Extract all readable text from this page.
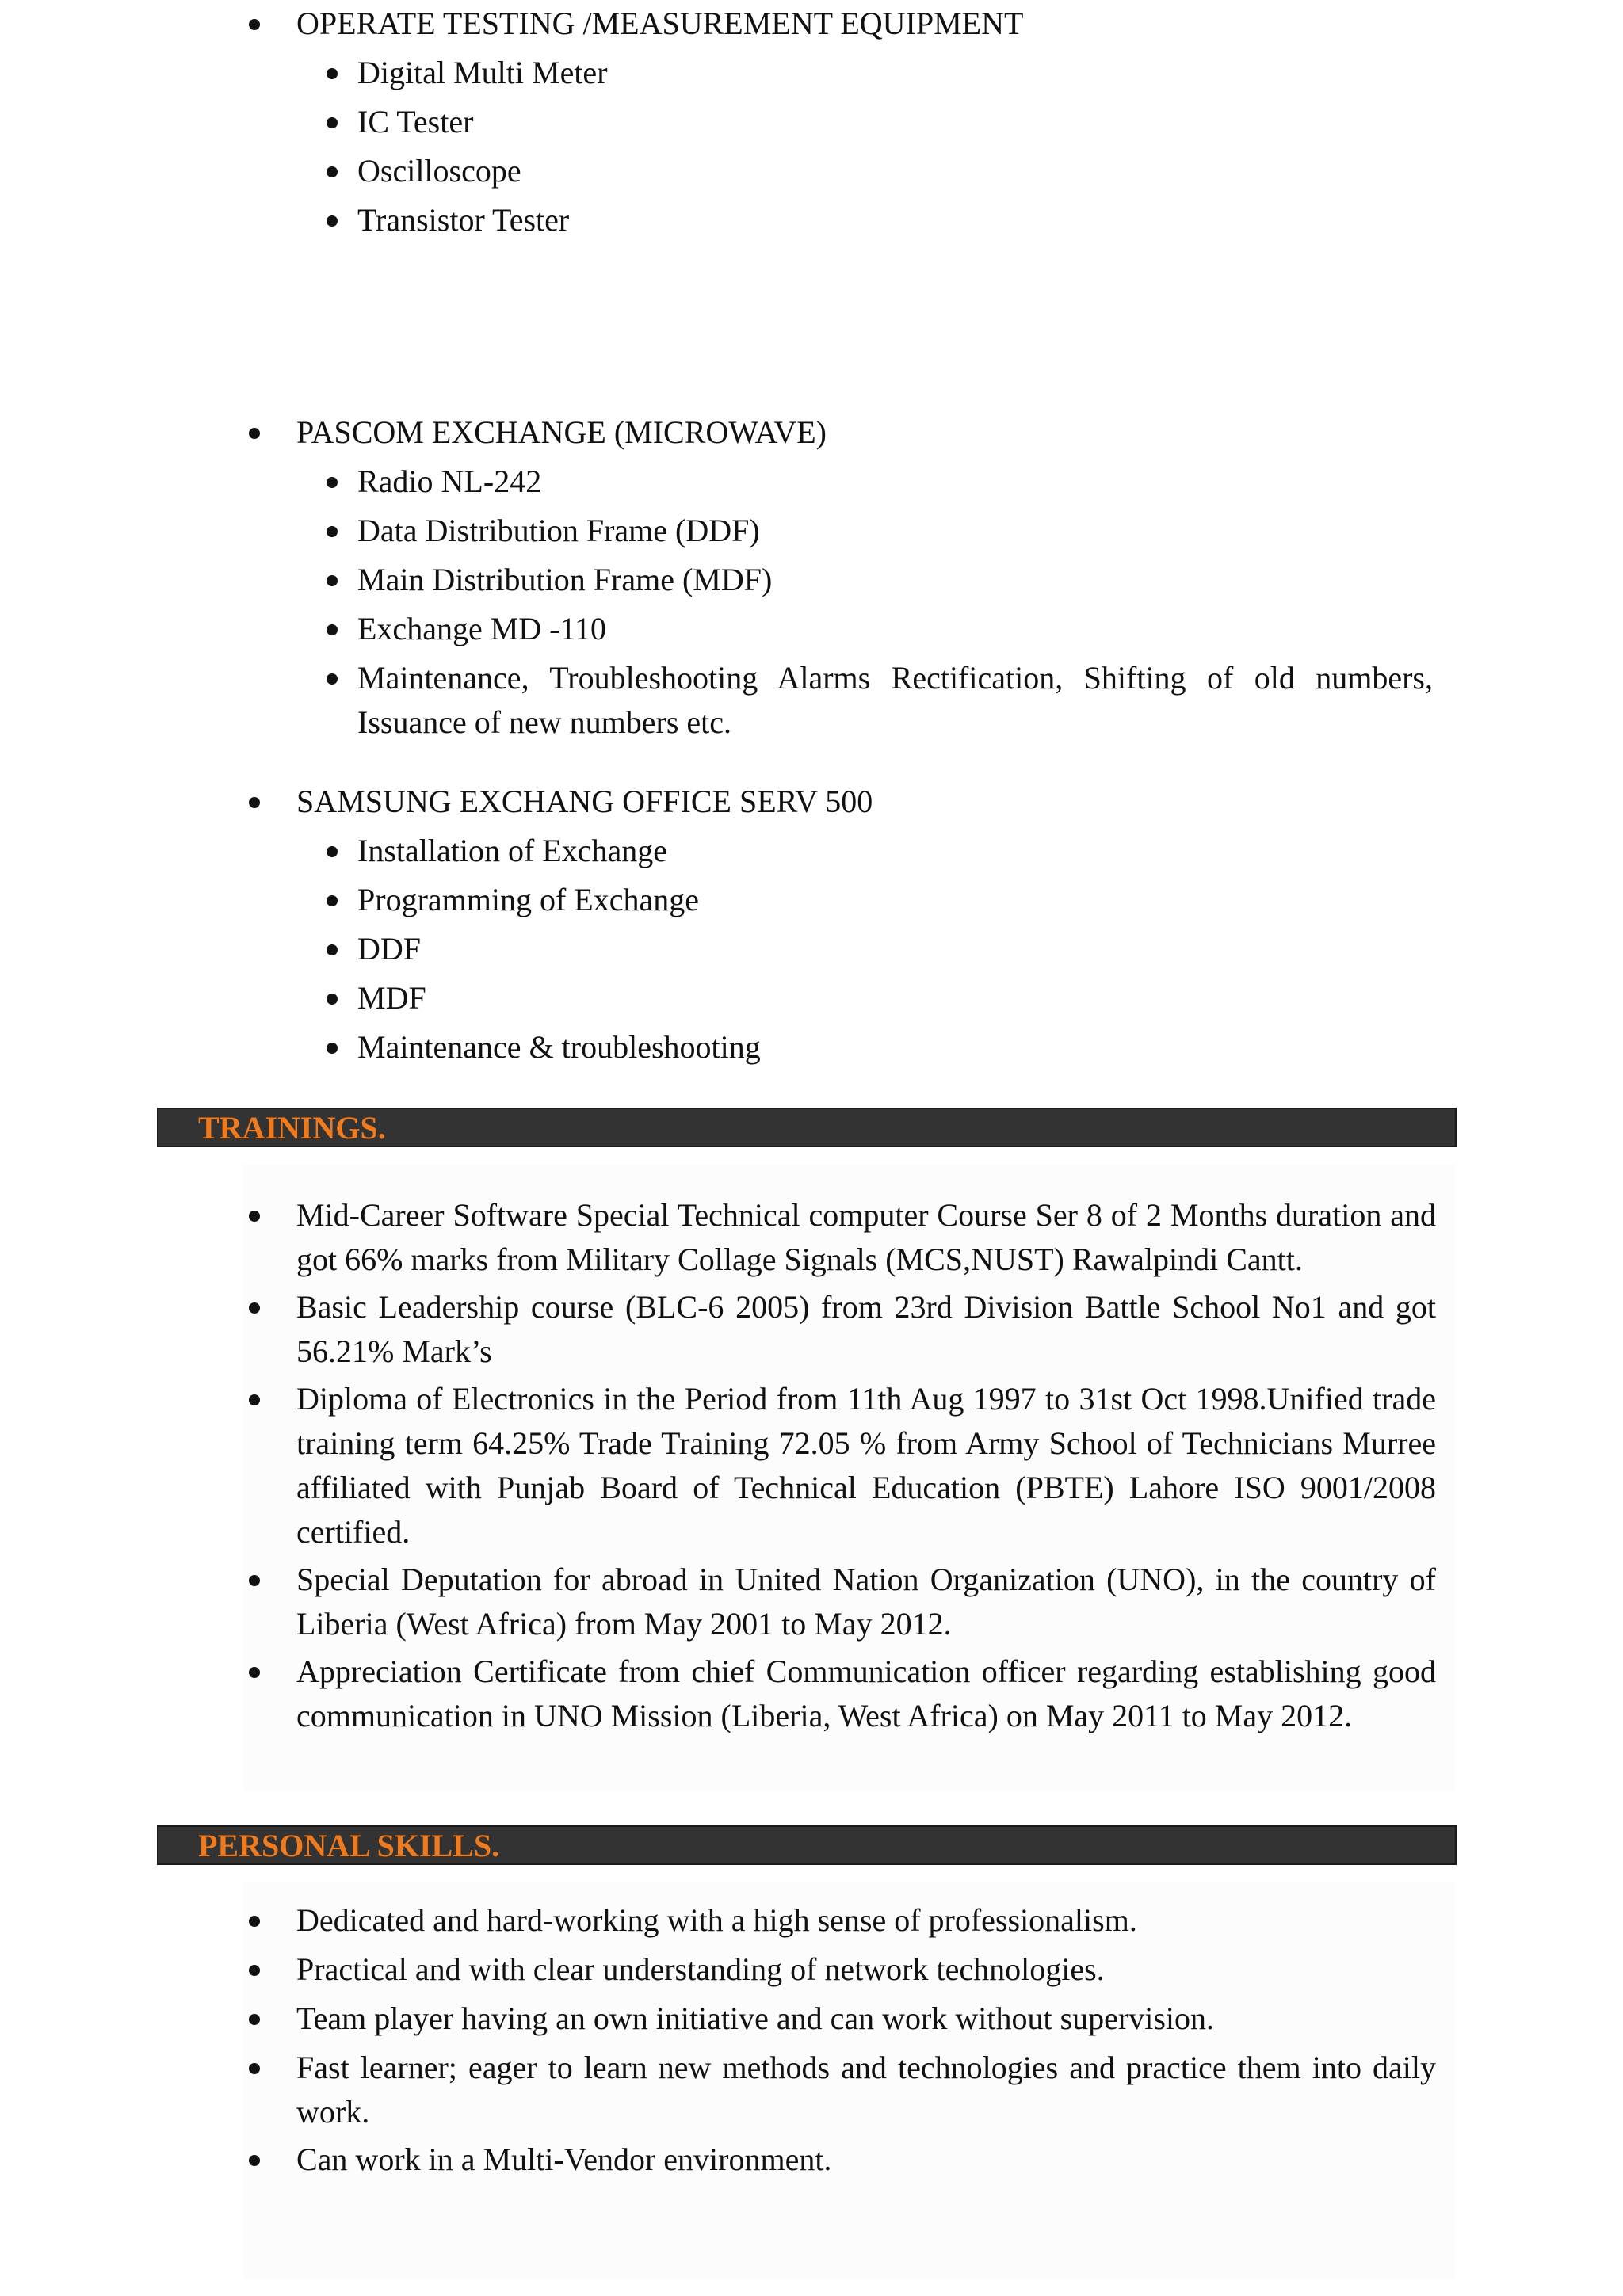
OPERATE TESTING /MEASUREMENT EQUIPMENT
Digital Multi Meter
IC Tester
Oscilloscope
Transistor Tester
PASCOM EXCHANGE (MICROWAVE)
Radio NL-242
Data Distribution Frame (DDF)
Main Distribution Frame (MDF)
Exchange MD -110
Maintenance, Troubleshooting Alarms Rectification, Shifting of old numbers, Issuance of new numbers etc.
SAMSUNG EXCHANG OFFICE SERV 500
Installation of Exchange
Programming of Exchange
DDF
MDF
Maintenance & troubleshooting
TRAININGS.
Mid-Career Software Special Technical computer Course Ser 8 of 2 Months duration and got 66% marks from Military Collage Signals (MCS,NUST) Rawalpindi Cantt.
Basic Leadership course (BLC-6 2005) from 23rd Division Battle School No1 and got 56.21% Mark’s
Diploma of Electronics in the Period from 11th Aug 1997 to 31st Oct 1998.Unified trade training term 64.25% Trade Training 72.05 % from Army School of Technicians Murree affiliated with Punjab Board of Technical Education (PBTE) Lahore ISO 9001/2008 certified.
Special Deputation for abroad in United Nation Organization (UNO), in the country of Liberia (West Africa) from May 2001 to May 2012.
Appreciation Certificate from chief Communication officer regarding establishing good communication in UNO Mission (Liberia, West Africa) on May 2011 to May 2012.
PERSONAL SKILLS.
Dedicated and hard-working with a high sense of professionalism.
Practical and with clear understanding of network technologies.
Team player having an own initiative and can work without supervision.
Fast learner; eager to learn new methods and technologies and practice them into daily work.
Can work in a Multi-Vendor environment.
